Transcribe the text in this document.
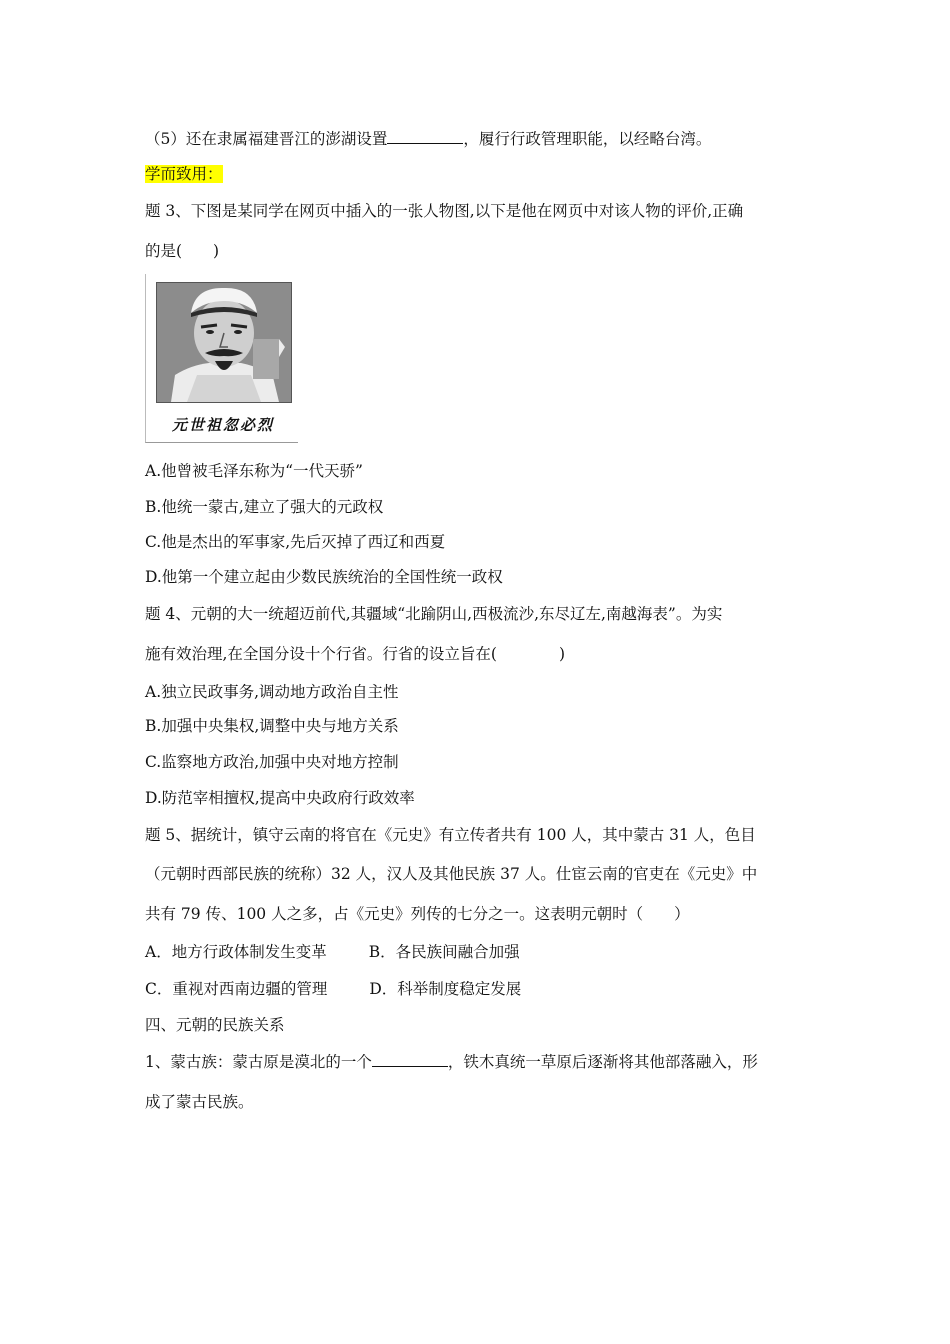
（5）还在隶属福建晋江的澎湖设置	，履行行政管理职能，以经略台湾。
学而致用：
题 3、下图是某同学在网页中插入的一张人物图,以下是他在网页中对该人物的评价,正确
的是(　　)
元世祖忽必烈
A.他曾被毛泽东称为“一代天骄”
B.他统一蒙古,建立了强大的元政权
C.他是杰出的军事家,先后灭掉了西辽和西夏
D.他第一个建立起由少数民族统治的全国性统一政权
题 4、元朝的大一统超迈前代,其疆域“北踰阴山,西极流沙,东尽辽左,南越海表”。为实
施有效治理,在全国分设十个行省。行省的设立旨在(　　　　)
A.独立民政事务,调动地方政治自主性
B.加强中央集权,调整中央与地方关系
C.监察地方政治,加强中央对地方控制
D.防范宰相擅权,提高中央政府行政效率
题 5、据统计，镇守云南的将官在《元史》有立传者共有 100 人，其中蒙古 31 人，色目
（元朝时西部民族的统称）32 人，汉人及其他民族 37 人。仕宦云南的官吏在《元史》中
共有 79 传、100 人之多，占《元史》列传的七分之一。这表明元朝时（　　）
A．地方行政体制发生变革	B．各民族间融合加强
C．重视对西南边疆的管理	D．科举制度稳定发展
四、元朝的民族关系
1、蒙古族：蒙古原是漠北的一个	，铁木真统一草原后逐渐将其他部落融入，形
成了蒙古民族。
